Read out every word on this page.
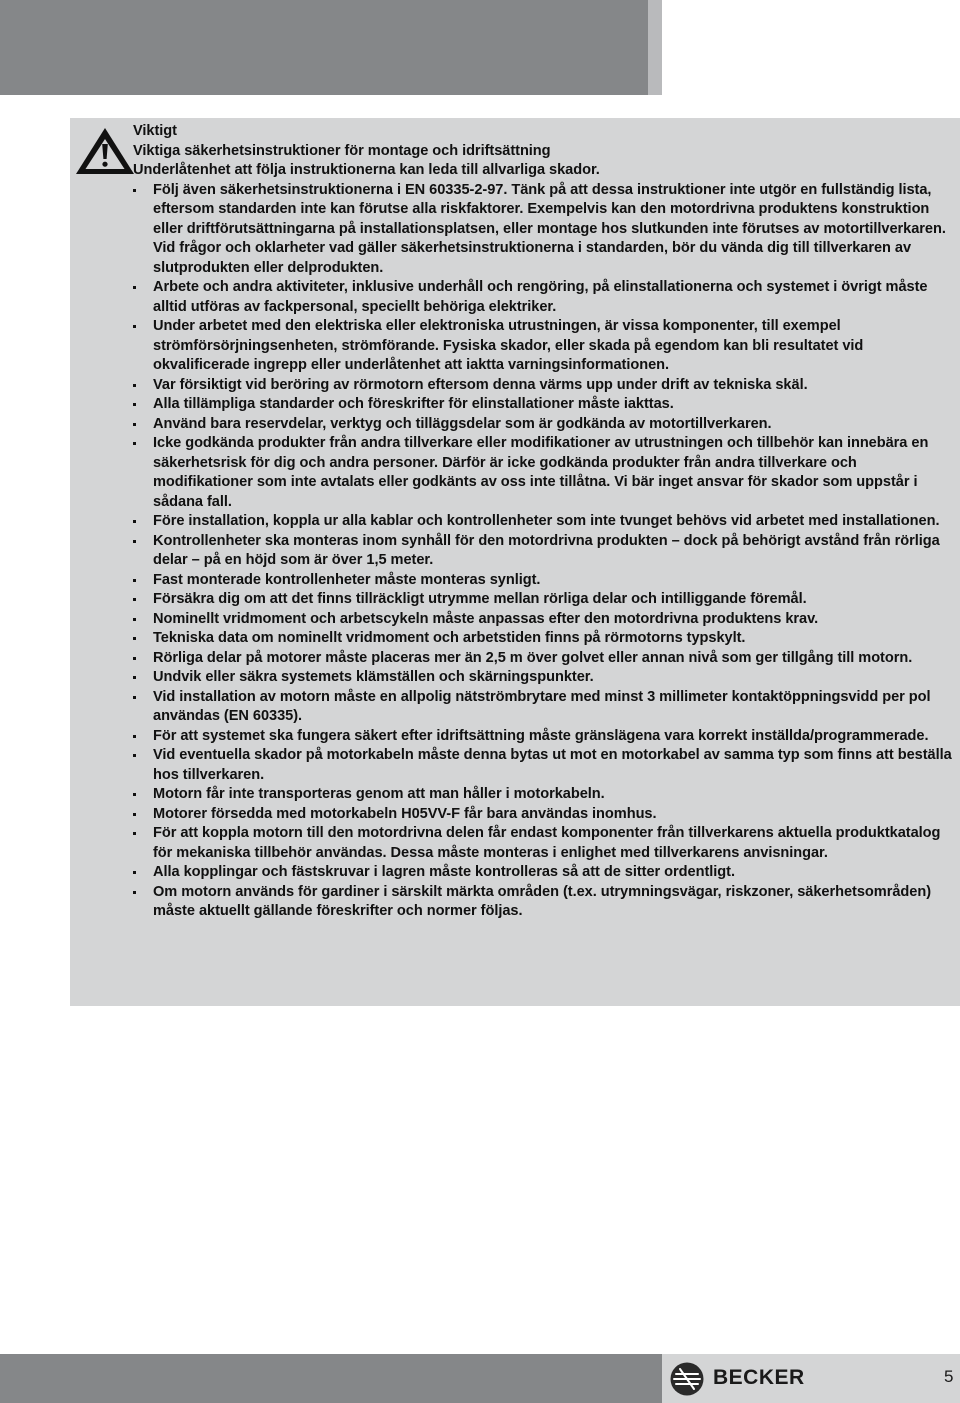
Viktigt

Viktiga säkerhetsinstruktioner för montage och idriftsättning

Underlåtenhet att följa instruktionerna kan leda till allvarliga skador.

Följ även säkerhetsinstruktionerna i EN 60335-2-97. Tänk på att dessa instruktioner inte utgör en fullständig lista, eftersom standarden inte kan förutse alla riskfaktorer. Exempelvis kan den motordrivna produktens konstruktion eller driftförutsättningarna på installationsplatsen, eller montage hos slutkunden inte förutses av motortillverkaren.

Vid frågor och oklarheter vad gäller säkerhetsinstruktionerna i standarden, bör du vända dig till tillverkaren av slutprodukten eller delprodukten.

Arbete och andra aktiviteter, inklusive underhåll och rengöring, på elinstallationerna och systemet i övrigt måste alltid utföras av fackpersonal, speciellt behöriga elektriker.

Under arbetet med den elektriska eller elektroniska utrustningen, är vissa komponenter, till exempel strömförsörjningsenheten, strömförande. Fysiska skador, eller skada på egendom kan bli resultatet vid okvalificerade ingrepp eller underlåtenhet att iaktta varningsinformationen.

Var försiktigt vid beröring av rörmotorn eftersom denna värms upp under drift av tekniska skäl.

Alla tillämpliga standarder och föreskrifter för elinstallationer måste iakttas.

Använd bara reservdelar, verktyg och tilläggsdelar som är godkända av motortillverkaren.

Icke godkända produkter från andra tillverkare eller modifikationer av utrustningen och tillbehör kan innebära en säkerhetsrisk för dig och andra personer. Därför är icke godkända produkter från andra tillverkare och modifikationer som inte avtalats eller godkänts av oss inte tillåtna. Vi bär inget ansvar för skador som uppstår i sådana fall.

Före installation, koppla ur alla kablar och kontrollenheter som inte tvunget behövs vid arbetet med installationen.

Kontrollenheter ska monteras inom synhåll för den motordrivna produkten – dock på behörigt avstånd från rörliga delar – på en höjd som är över 1,5 meter.

Fast monterade kontrollenheter måste monteras synligt.

Försäkra dig om att det finns tillräckligt utrymme mellan rörliga delar och intilliggande föremål.

Nominellt vridmoment och arbetscykeln måste anpassas efter den motordrivna produktens krav.

Tekniska data om nominellt vridmoment och arbetstiden finns på rörmotorns typskylt.

Rörliga delar på motorer måste placeras mer än 2,5 m över golvet eller annan nivå som ger tillgång till motorn.

Undvik eller säkra systemets klämställen och skärningspunkter.

Vid installation av motorn måste en allpolig nätströmbrytare med minst 3 millimeter kontaktöppningsvidd per pol användas (EN 60335).

För att systemet ska fungera säkert efter idriftsättning måste gränslägena vara korrekt inställda/programmerade.

Vid eventuella skador på motorkabeln måste denna bytas ut mot en motorkabel av samma typ som finns att beställa hos tillverkaren.

Motorn får inte transporteras genom att man håller i motorkabeln.

Motorer försedda med motorkabeln H05VV-F får bara användas inomhus.

För att koppla motorn till den motordrivna delen får endast komponenter från tillverkarens aktuella produktkatalog för mekaniska tillbehör användas. Dessa måste monteras i enlighet med tillverkarens anvisningar.

Alla kopplingar och fästskruvar i lagren måste kontrolleras så att de sitter ordentligt.

Om motorn används för gardiner i särskilt märkta områden (t.ex. utrymningsvägar, riskzoner, säkerhetsområden) måste aktuellt gällande föreskrifter och normer följas.

BECKER	5
